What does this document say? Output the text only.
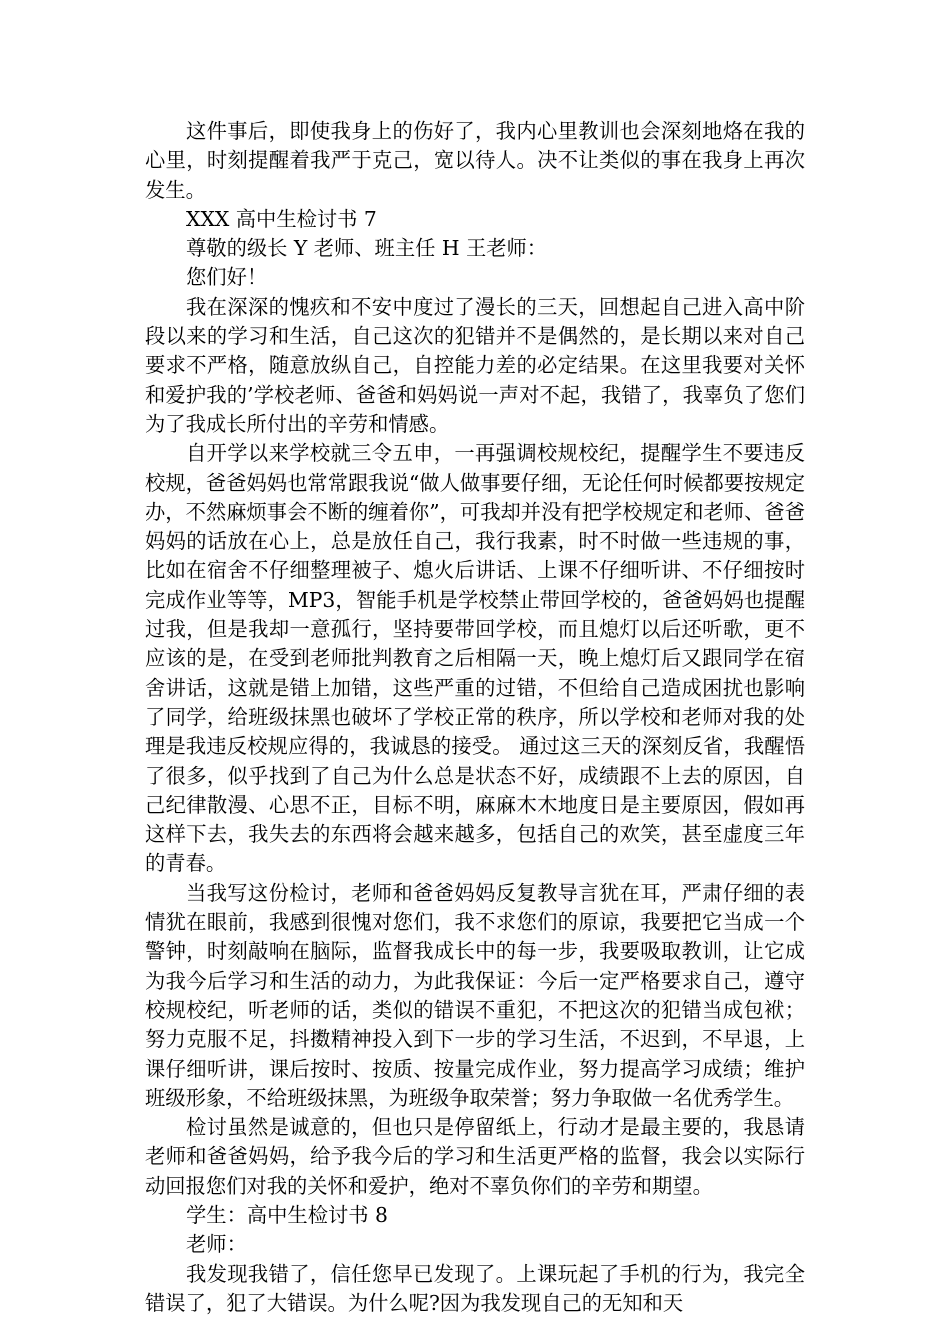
这件事后，即使我身上的伤好了，我内心里教训也会深刻地烙在我的心里，时刻提醒着我严于克己，宽以待人。决不让类似的事在我身上再次发生。

XXX 高中生检讨书 7

尊敬的级长 Y 老师、班主任 H 王老师：

您们好！

我在深深的愧疚和不安中度过了漫长的三天，回想起自己进入高中阶段以来的学习和生活，自己这次的犯错并不是偶然的，是长期以来对自己要求不严格，随意放纵自己，自控能力差的必定结果。在这里我要对关怀和爱护我的’学校老师、爸爸和妈妈说一声对不起，我错了，我辜负了您们为了我成长所付出的辛劳和情感。

自开学以来学校就三令五申，一再强调校规校纪，提醒学生不要违反校规，爸爸妈妈也常常跟我说“做人做事要仔细，无论任何时候都要按规定办，不然麻烦事会不断的缠着你”，可我却并没有把学校规定和老师、爸爸妈妈的话放在心上，总是放任自己，我行我素，时不时做一些违规的事，比如在宿舍不仔细整理被子、熄火后讲话、上课不仔细听讲、不仔细按时完成作业等等，MP3，智能手机是学校禁止带回学校的，爸爸妈妈也提醒过我，但是我却一意孤行，坚持要带回学校，而且熄灯以后还听歌，更不应该的是，在受到老师批判教育之后相隔一天，晚上熄灯后又跟同学在宿舍讲话，这就是错上加错，这些严重的过错，不但给自己造成困扰也影响了同学，给班级抹黑也破坏了学校正常的秩序，所以学校和老师对我的处理是我违反校规应得的，我诚恳的接受。 通过这三天的深刻反省，我醒悟了很多，似乎找到了自己为什么总是状态不好，成绩跟不上去的原因，自己纪律散漫、心思不正，目标不明，麻麻木木地度日是主要原因，假如再这样下去，我失去的东西将会越来越多，包括自己的欢笑，甚至虚度三年的青春。

当我写这份检讨，老师和爸爸妈妈反复教导言犹在耳，严肃仔细的表情犹在眼前，我感到很愧对您们，我不求您们的原谅，我要把它当成一个警钟，时刻敲响在脑际，监督我成长中的每一步，我要吸取教训，让它成为我今后学习和生活的动力，为此我保证：今后一定严格要求自己，遵守校规校纪，听老师的话，类似的错误不重犯，不把这次的犯错当成包袱；努力克服不足，抖擞精神投入到下一步的学习生活，不迟到，不早退，上课仔细听讲，课后按时、按质、按量完成作业，努力提高学习成绩；维护班级形象，不给班级抹黑，为班级争取荣誉；努力争取做一名优秀学生。

检讨虽然是诚意的，但也只是停留纸上，行动才是最主要的，我恳请老师和爸爸妈妈，给予我今后的学习和生活更严格的监督，我会以实际行动回报您们对我的关怀和爱护，绝对不辜负你们的辛劳和期望。

学生：高中生检讨书 8

老师：

我发现我错了，信任您早已发现了。上课玩起了手机的行为，我完全错误了，犯了大错误。为什么呢?因为我发现自己的无知和天
